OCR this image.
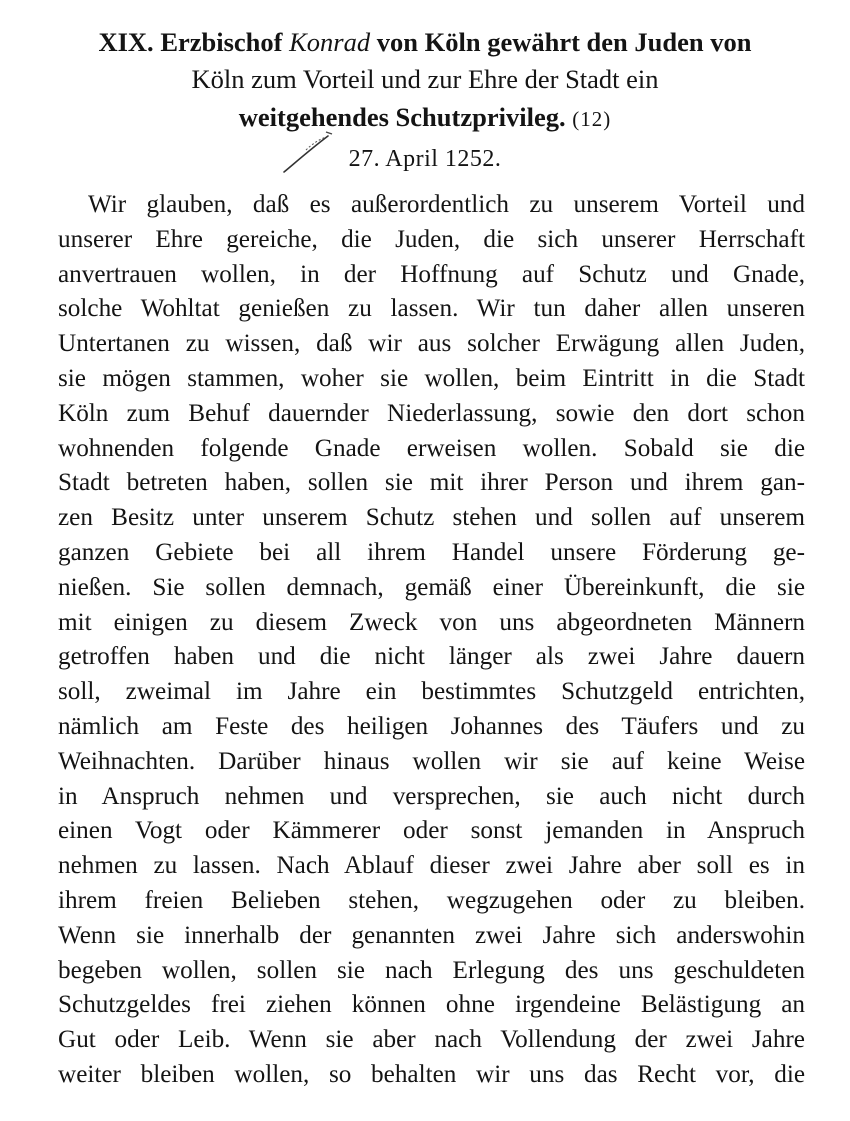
XIX. Erzbischof Konrad von Köln gewährt den Juden von
Köln zum Vorteil und zur Ehre der Stadt ein
weitgehendes Schutzprivileg. (12)
27. April 1252.
Wir glauben, daß es außerordentlich zu unserem Vorteil und
unserer Ehre gereiche, die Juden, die sich unserer Herrschaft
anvertrauen wollen, in der Hoffnung auf Schutz und Gnade,
solche Wohltat genießen zu lassen. Wir tun daher allen unseren
Untertanen zu wissen, daß wir aus solcher Erwägung allen Juden,
sie mögen stammen, woher sie wollen, beim Eintritt in die Stadt
Köln zum Behuf dauernder Niederlassung, sowie den dort schon
wohnenden folgende Gnade erweisen wollen. Sobald sie die
Stadt betreten haben, sollen sie mit ihrer Person und ihrem gan-
zen Besitz unter unserem Schutz stehen und sollen auf unserem
ganzen Gebiete bei all ihrem Handel unsere Förderung ge-
nießen. Sie sollen demnach, gemäß einer Übereinkunft, die sie
mit einigen zu diesem Zweck von uns abgeordneten Männern
getroffen haben und die nicht länger als zwei Jahre dauern
soll, zweimal im Jahre ein bestimmtes Schutzgeld entrichten,
nämlich am Feste des heiligen Johannes des Täufers und zu
Weihnachten. Darüber hinaus wollen wir sie auf keine Weise
in Anspruch nehmen und versprechen, sie auch nicht durch
einen Vogt oder Kämmerer oder sonst jemanden in Anspruch
nehmen zu lassen. Nach Ablauf dieser zwei Jahre aber soll es in
ihrem freien Belieben stehen, wegzugehen oder zu bleiben.
Wenn sie innerhalb der genannten zwei Jahre sich anderswohin
begeben wollen, sollen sie nach Erlegung des uns geschuldeten
Schutzgeldes frei ziehen können ohne irgendeine Belästigung an
Gut oder Leib. Wenn sie aber nach Vollendung der zwei Jahre
weiter bleiben wollen, so behalten wir uns das Recht vor, die
